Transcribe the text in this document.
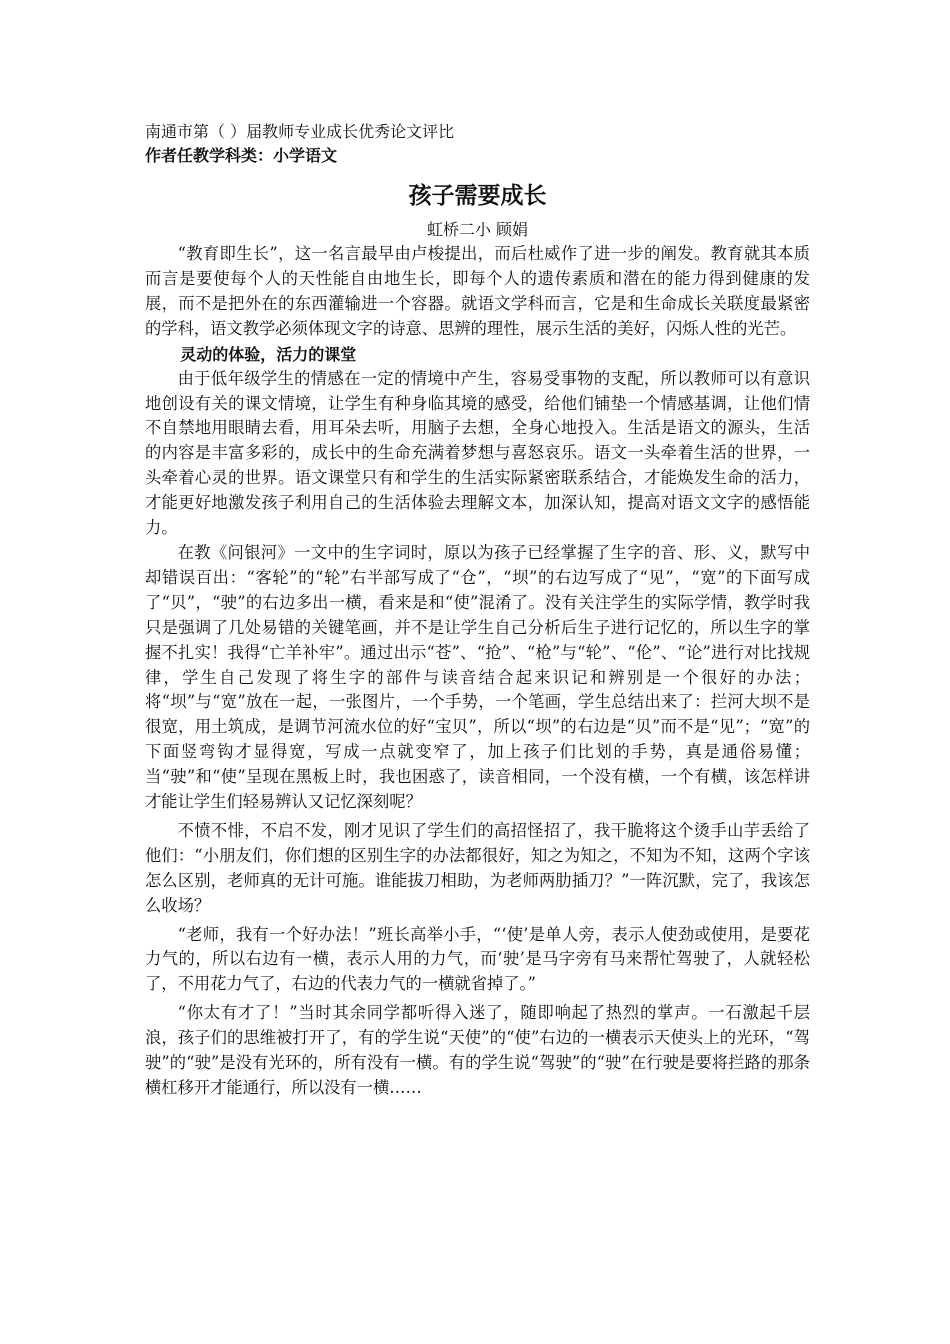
南通市第（ ）届教师专业成长优秀论文评比
作者任教学科类：小学语文
孩子需要成长
虹桥二小 顾娟

“教育即生长”，这一名言最早由卢梭提出，而后杜威作了进一步的阐发。教育就其本质而言是要使每个人的天性能自由地生长，即每个人的遗传素质和潜在的能力得到健康的发展，而不是把外在的东西灌输进一个容器。就语文学科而言，它是和生命成长关联度最紧密的学科，语文教学必须体现文字的诗意、思辨的理性，展示生活的美好，闪烁人性的光芒。

灵动的体验，活力的课堂

由于低年级学生的情感在一定的情境中产生，容易受事物的支配，所以教师可以有意识地创设有关的课文情境，让学生有种身临其境的感受，给他们铺垫一个情感基调，让他们情不自禁地用眼睛去看，用耳朵去听，用脑子去想，全身心地投入。生活是语文的源头，生活的内容是丰富多彩的，成长中的生命充满着梦想与喜怒哀乐。语文一头牵着生活的世界，一头牵着心灵的世界。语文课堂只有和学生的生活实际紧密联系结合，才能焕发生命的活力，才能更好地激发孩子利用自己的生活体验去理解文本，加深认知，提高对语文文字的感悟能力。

在教《问银河》一文中的生字词时，原以为孩子已经掌握了生字的音、形、义，默写中却错误百出：“客轮”的“轮”右半部写成了“仓”，“坝”的右边写成了“见”，“宽”的下面写成了“贝”，“驶”的右边多出一横，看来是和“使”混淆了。没有关注学生的实际学情，教学时我只是强调了几处易错的关键笔画，并不是让学生自己分析后生子进行记忆的，所以生字的掌握不扎实！我得“亡羊补牢”。通过出示“苍”、“抢”、“枪”与“轮”、“伦”、“论”进行对比找规律，学生自己发现了将生字的部件与读音结合起来识记和辨别是一个很好的办法；将“坝”与“宽”放在一起，一张图片，一个手势，一个笔画，学生总结出来了：拦河大坝不是很宽，用土筑成，是调节河流水位的好“宝贝”，所以“坝”的右边是“贝”而不是“见”；“宽”的下面竖弯钩才显得宽，写成一点就变窄了，加上孩子们比划的手势，真是通俗易懂；当“驶”和“使”呈现在黑板上时，我也困惑了，读音相同，一个没有横，一个有横，该怎样讲才能让学生们轻易辨认又记忆深刻呢？

不愤不悱，不启不发，刚才见识了学生们的高招怪招了，我干脆将这个烫手山芋丢给了他们：“小朋友们，你们想的区别生字的办法都很好，知之为知之，不知为不知，这两个字该怎么区别，老师真的无计可施。谁能拔刀相助，为老师两肋插刀？”一阵沉默，完了，我该怎么收场？

“老师，我有一个好办法！”班长高举小手，“‘使’是单人旁，表示人使劲或使用，是要花力气的，所以右边有一横，表示人用的力气，而‘驶’是马字旁有马来帮忙驾驶了，人就轻松了，不用花力气了，右边的代表力气的一横就省掉了。”

“你太有才了！”当时其余同学都听得入迷了，随即响起了热烈的掌声。一石激起千层浪，孩子们的思维被打开了，有的学生说“天使”的“使”右边的一横表示天使头上的光环，“驾驶”的“驶”是没有光环的，所有没有一横。有的学生说“驾驶”的“驶”在行驶是要将拦路的那条横杠移开才能通行，所以没有一横……
